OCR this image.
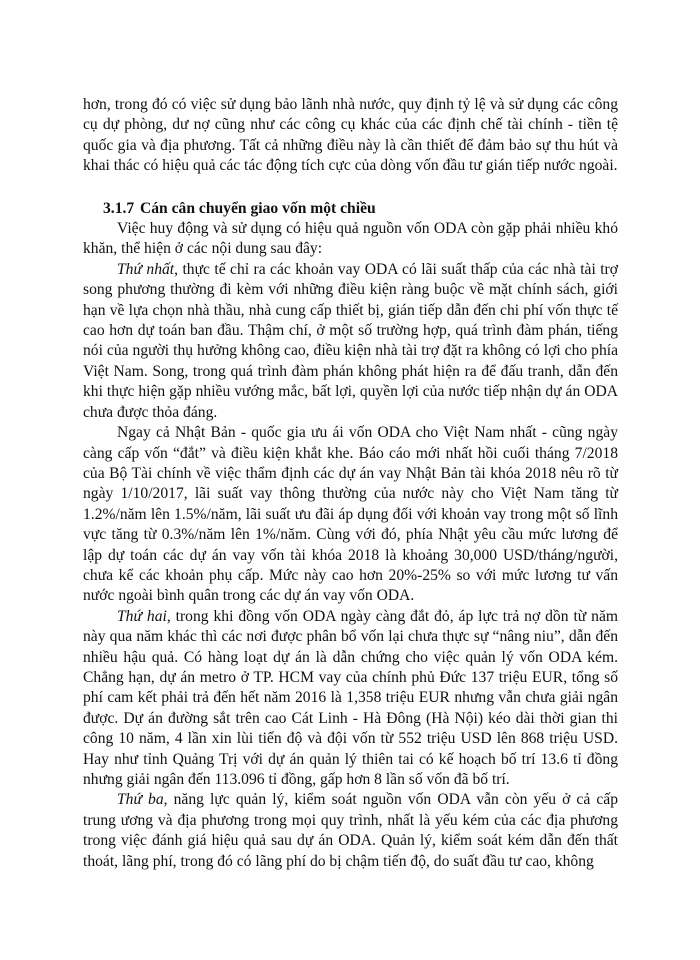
hơn, trong đó có việc sử dụng bảo lãnh nhà nước, quy định tỷ lệ và sử dụng các công cụ dự phòng, dư nợ cũng như các công cụ khác của các định chế tài chính - tiền tệ quốc gia và địa phương. Tất cả những điều này là cần thiết để đảm bảo sự thu hút và khai thác có hiệu quả các tác động tích cực của dòng vốn đầu tư gián tiếp nước ngoài.

3.1.7 Cán cân chuyển giao vốn một chiều

Việc huy động và sử dụng có hiệu quả nguồn vốn ODA còn gặp phải nhiều khó khăn, thể hiện ở các nội dung sau đây:

Thứ nhất, thực tế chỉ ra các khoản vay ODA có lãi suất thấp của các nhà tài trợ song phương thường đi kèm với những điều kiện ràng buộc về mặt chính sách, giới hạn về lựa chọn nhà thầu, nhà cung cấp thiết bị, gián tiếp dẫn đến chi phí vốn thực tế cao hơn dự toán ban đầu. Thậm chí, ở một số trường hợp, quá trình đàm phán, tiếng nói của người thụ hưởng không cao, điều kiện nhà tài trợ đặt ra không có lợi cho phía Việt Nam. Song, trong quá trình đàm phán không phát hiện ra để đấu tranh, dẫn đến khi thực hiện gặp nhiều vướng mắc, bất lợi, quyền lợi của nước tiếp nhận dự án ODA chưa được thỏa đáng.

Ngay cả Nhật Bản - quốc gia ưu ái vốn ODA cho Việt Nam nhất - cũng ngày càng cấp vốn “đắt” và điều kiện khắt khe. Báo cáo mới nhất hồi cuối tháng 7/2018 của Bộ Tài chính về việc thẩm định các dự án vay Nhật Bản tài khóa 2018 nêu rõ từ ngày 1/10/2017, lãi suất vay thông thường của nước này cho Việt Nam tăng từ 1.2%/năm lên 1.5%/năm, lãi suất ưu đãi áp dụng đối với khoản vay trong một số lĩnh vực tăng từ 0.3%/năm lên 1%/năm. Cùng với đó, phía Nhật yêu cầu mức lương để lập dự toán các dự án vay vốn tài khóa 2018 là khoảng 30,000 USD/tháng/người, chưa kể các khoản phụ cấp. Mức này cao hơn 20%-25% so với mức lương tư vấn nước ngoài bình quân trong các dự án vay vốn ODA.

Thứ hai, trong khi đồng vốn ODA ngày càng đắt đỏ, áp lực trả nợ dồn từ năm này qua năm khác thì các nơi được phân bổ vốn lại chưa thực sự “nâng niu”, dẫn đến nhiều hậu quả. Có hàng loạt dự án là dẫn chứng cho việc quản lý vốn ODA kém. Chẳng hạn, dự án metro ở TP. HCM vay của chính phủ Đức 137 triệu EUR, tổng số phí cam kết phải trả đến hết năm 2016 là 1,358 triệu EUR nhưng vẫn chưa giải ngân được. Dự án đường sắt trên cao Cát Linh - Hà Đông (Hà Nội) kéo dài thời gian thi công 10 năm, 4 lần xin lùi tiến độ và đội vốn từ 552 triệu USD lên 868 triệu USD. Hay như tỉnh Quảng Trị với dự án quản lý thiên tai có kế hoạch bố trí 13.6 tỉ đồng nhưng giải ngân đến 113.096 tỉ đồng, gấp hơn 8 lần số vốn đã bố trí.

Thứ ba, năng lực quản lý, kiểm soát nguồn vốn ODA vẫn còn yếu ở cả cấp trung ương và địa phương trong mọi quy trình, nhất là yếu kém của các địa phương trong việc đánh giá hiệu quả sau dự án ODA. Quản lý, kiểm soát kém dẫn đến thất thoát, lãng phí, trong đó có lãng phí do bị chậm tiến độ, do suất đầu tư cao, không
